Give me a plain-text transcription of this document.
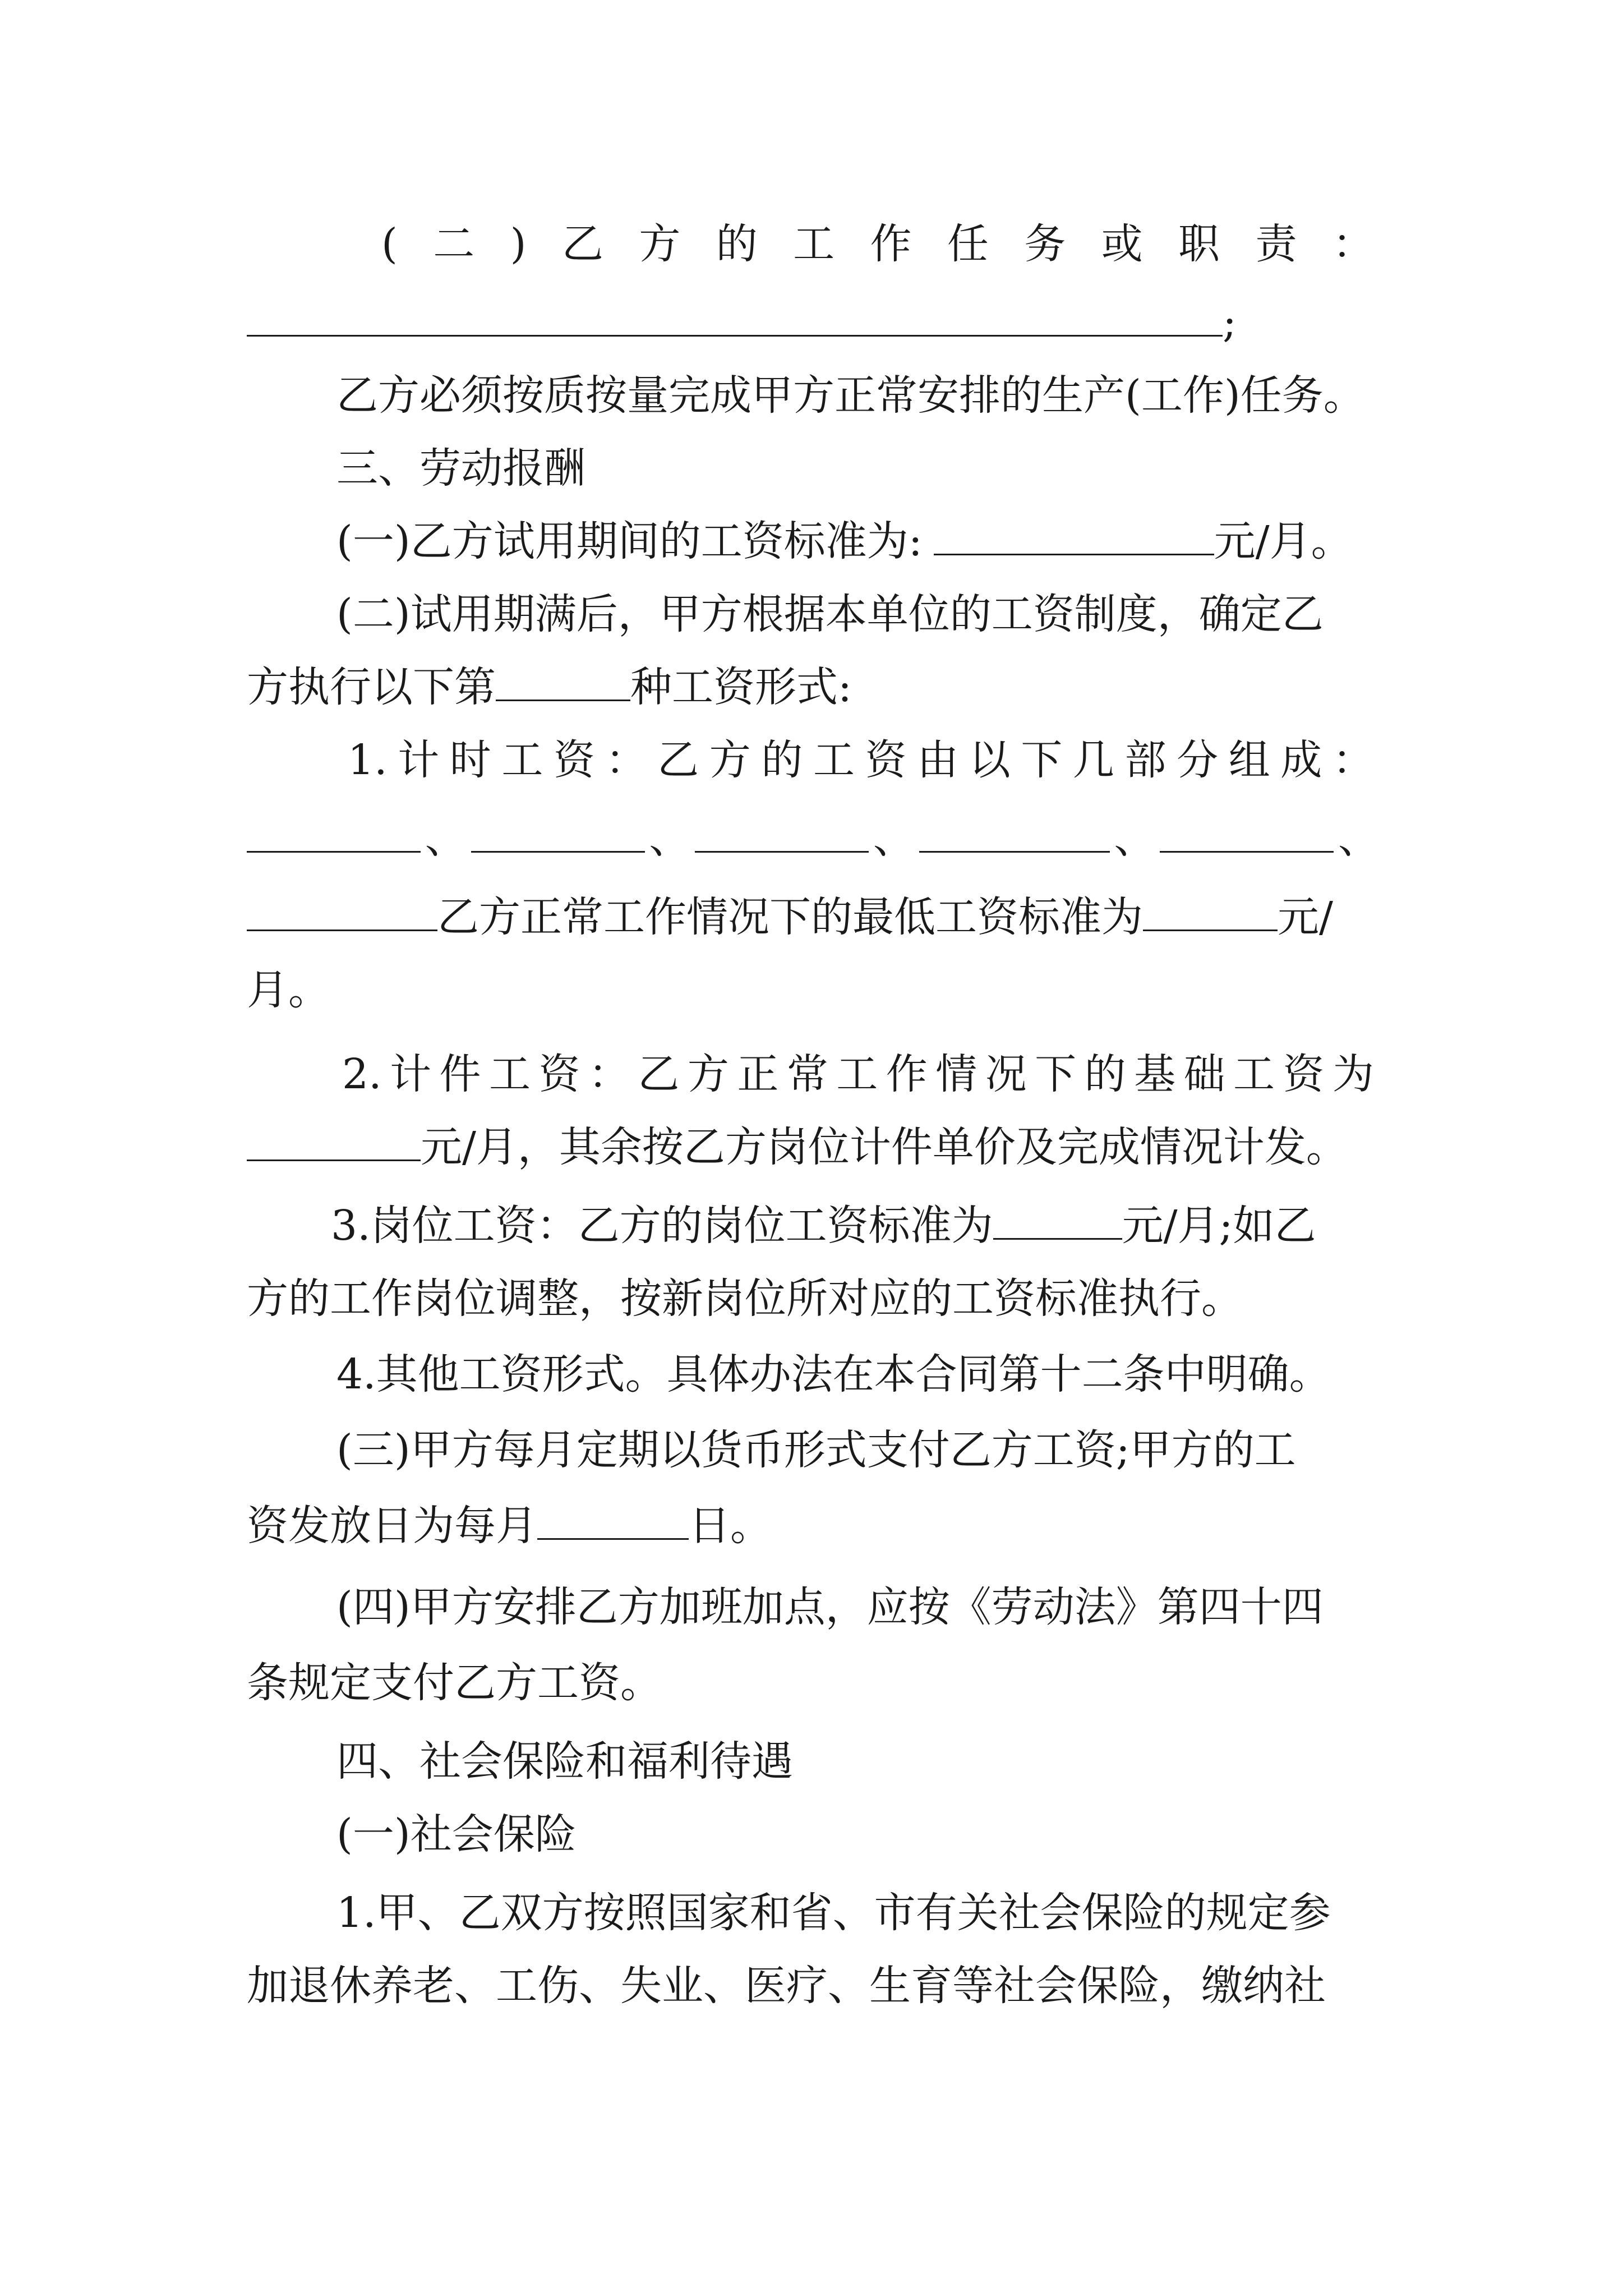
( 二 ) 乙 方 的 工 作 任 务 或 职 责 ：
;
乙方必须按质按量完成甲方正常安排的生产(工作)任务。
三、劳动报酬
(一)乙方试用期间的工资标准为:	元/月。
(二)试用期满后，甲方根据本单位的工资制度，确定乙
方执行以下第	种工资形式:
1. 计 时 工 资 ： 乙 方 的 工 资 由 以 下 几 部 分 组 成 ：
、	、	、	、	、
乙方正常工作情况下的最低工资标准为	元/
月。
2. 计 件 工 资 ： 乙 方 正 常 工 作 情 况 下 的 基 础 工 资 为
元/月，其余按乙方岗位计件单价及完成情况计发。
3.岗位工资：乙方的岗位工资标准为	元/月;如乙
方的工作岗位调整，按新岗位所对应的工资标准执行。
4.其他工资形式。具体办法在本合同第十二条中明确。
(三)甲方每月定期以货币形式支付乙方工资;甲方的工
资发放日为每月	日。
(四)甲方安排乙方加班加点，应按《劳动法》第四十四
条规定支付乙方工资。
四、社会保险和福利待遇
(一)社会保险
1.甲、乙双方按照国家和省、市有关社会保险的规定参
加退休养老、工伤、失业、医疗、生育等社会保险，缴纳社
